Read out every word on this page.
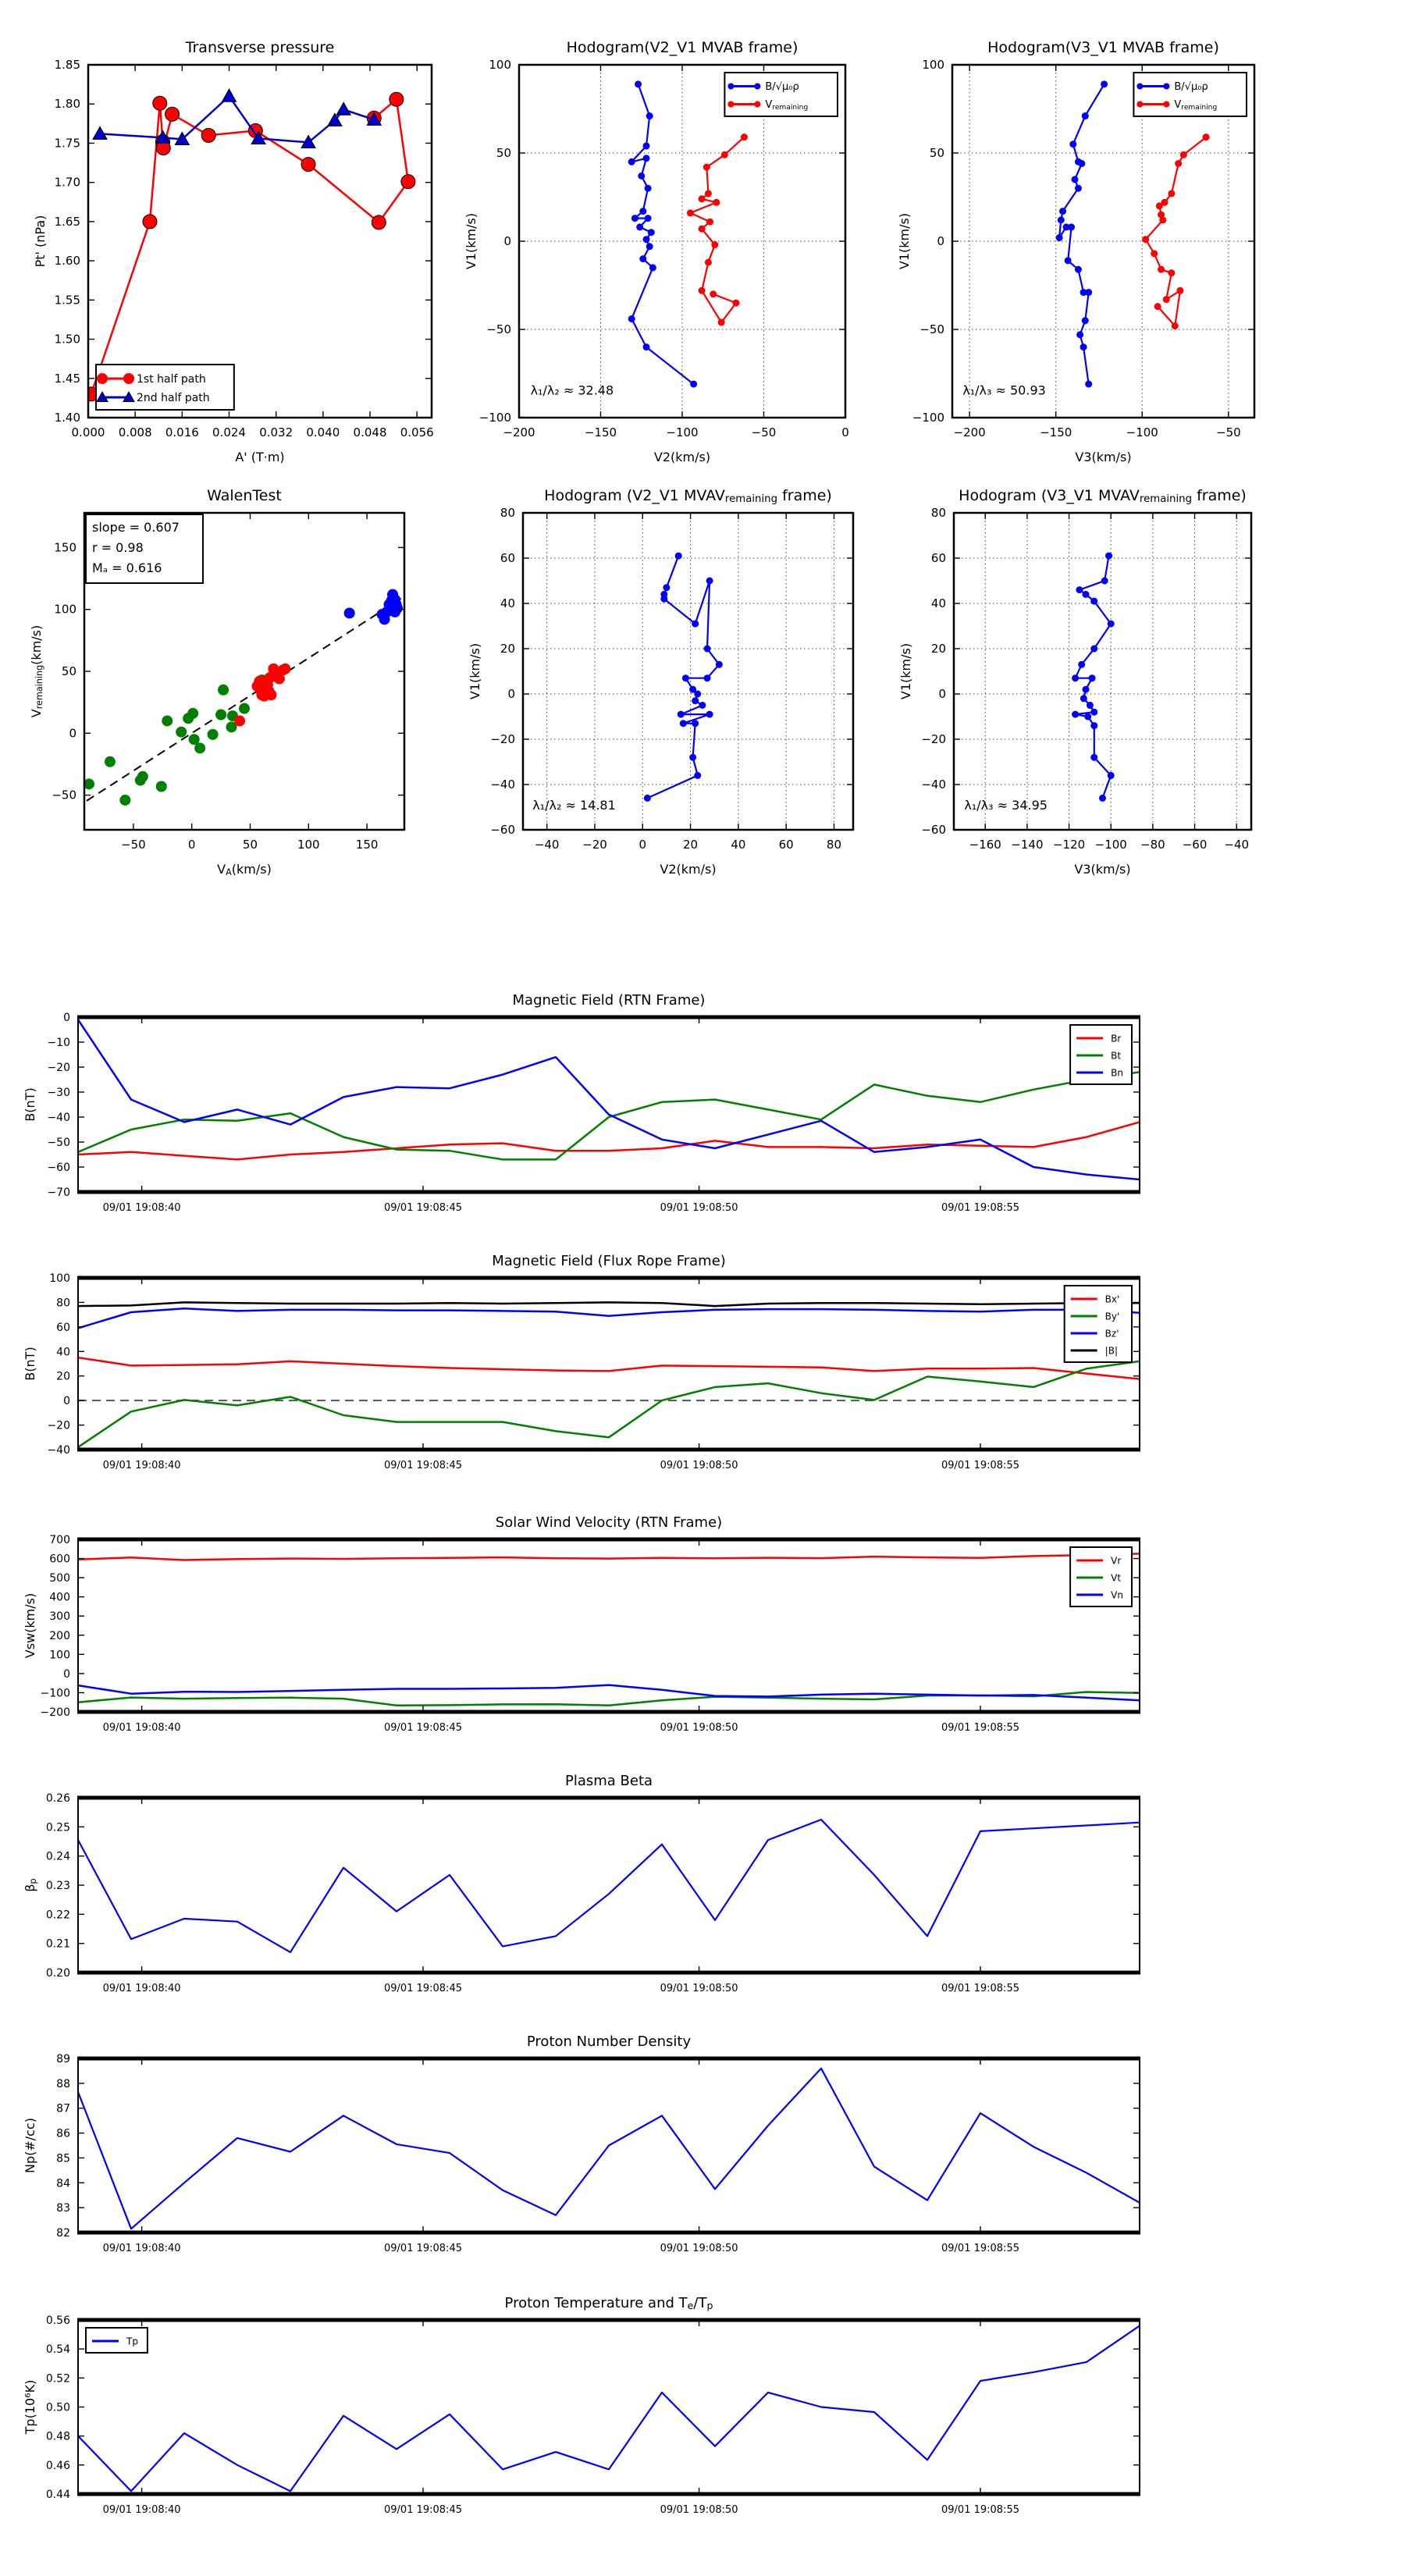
0.000 0.008 0.016 0.024 0.032 0.040 0.048 0.056
1.40
1.45
1.50
1.55
1.60
1.65
1.70
1.75
1.80
1.85
Transverse pressure
A' (T·m)
Pt' (nPa)
1st half path
2nd half path
−200	−150	−100	−50	0
−100
−50
0
50
100
Hodogram(V2_V1 MVAB frame)
V2(km/s)
V1(km/s)
λ₁/λ₂ ≈ 32.48
B/√μ₀ρ
Vremaining
−200	−150	−100	−50
−100
−50
0
50
100
Hodogram(V3_V1 MVAB frame)
V3(km/s)
V1(km/s)
λ₁/λ₃ ≈ 50.93
B/√μ₀ρ
Vremaining
−50	0	50	100	150
−50
0
50
100
150
WalenTest
VA(km/s)
Vremaining(km/s)
slope = 0.607
r = 0.98
Mₐ = 0.616
−40 −20	0	20	40	60	80
−60
−40
−20
0
20
40
60
80
Hodogram (V2_V1 MVAVremaining frame)
V2(km/s)
V1(km/s)
λ₁/λ₂ ≈ 14.81
−160 −140 −120 −100 −80 −60 −40
−60
−40
−20
0
20
40
60
80
Hodogram (V3_V1 MVAVremaining frame)
V3(km/s)
V1(km/s)
λ₁/λ₃ ≈ 34.95
09/01 19:08:40	09/01 19:08:45	09/01 19:08:50	09/01 19:08:55
0
−10
−20
−30
−40
−50
−60
−70
Magnetic Field (RTN Frame)
B(nT)
Br
Bt
Bn
09/01 19:08:40	09/01 19:08:45	09/01 19:08:50	09/01 19:08:55
100
80
60
40
20
0
−20
−40
Magnetic Field (Flux Rope Frame)
B(nT)
Bx'
By'
Bz'
|B|
09/01 19:08:40	09/01 19:08:45	09/01 19:08:50	09/01 19:08:55
700
600
500
400
300
200
100
0
−100
−200
Solar Wind Velocity (RTN Frame)
Vsw(km/s)
Vr
Vt
Vn
09/01 19:08:40	09/01 19:08:45	09/01 19:08:50	09/01 19:08:55
0.20
0.21
0.22
0.23
0.24
0.25
0.26
Plasma Beta
βp
09/01 19:08:40	09/01 19:08:45	09/01 19:08:50	09/01 19:08:55
82
83
84
85
86
87
88
89
Proton Number Density
Np(#/cc)
09/01 19:08:40	09/01 19:08:45	09/01 19:08:50	09/01 19:08:55
0.44
0.46
0.48
0.50
0.52
0.54
0.56
Proton Temperature and Te/Tp
Tp(10⁶K)
Tp
